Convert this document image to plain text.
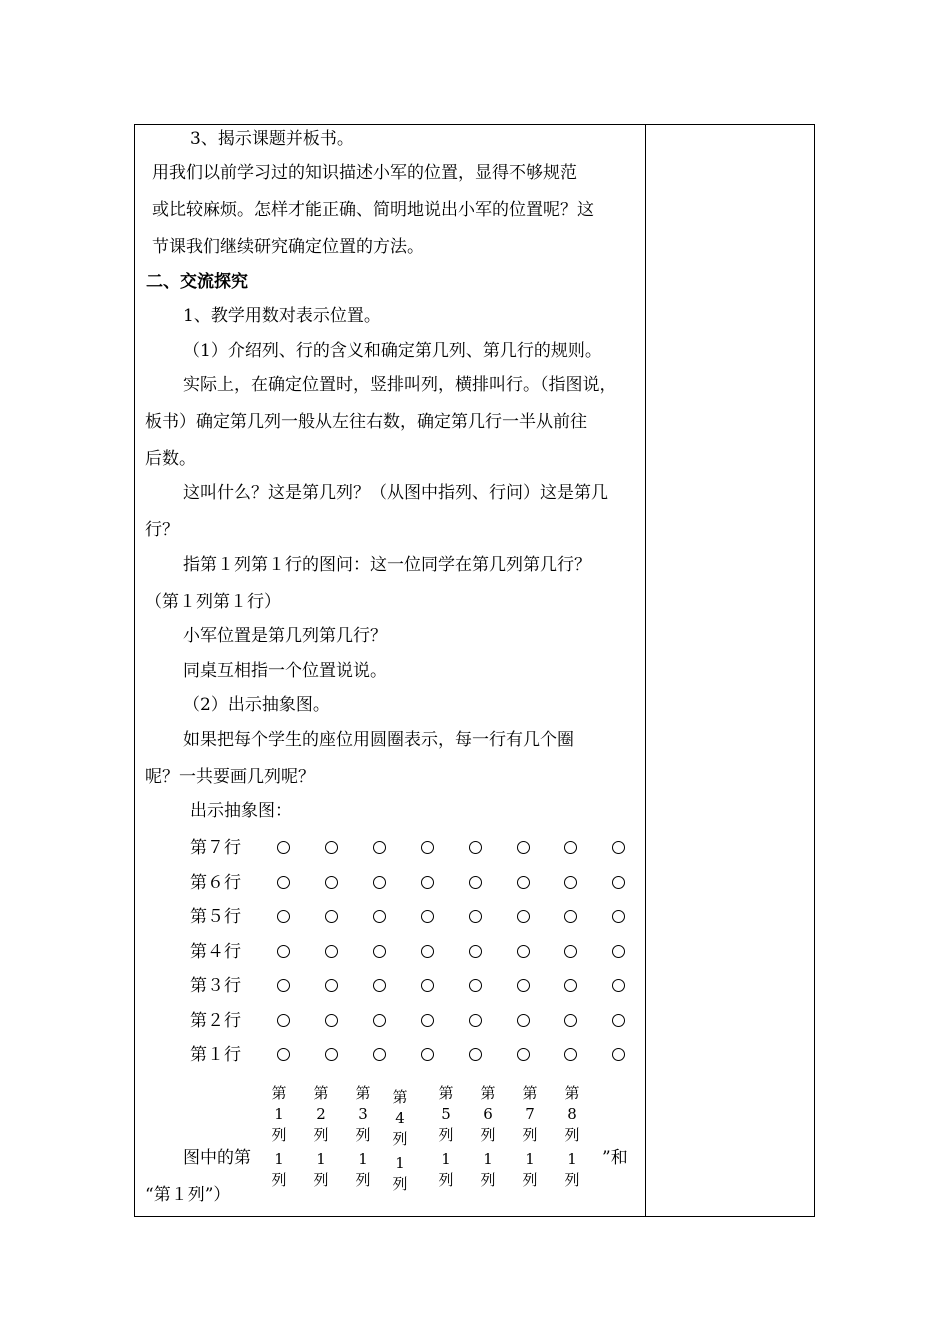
3、揭示课题并板书。
用我们以前学习过的知识描述小军的位置，显得不够规范
或比较麻烦。怎样才能正确、简明地说出小军的位置呢？这
节课我们继续研究确定位置的方法。
二、交流探究
1、教学用数对表示位置。
（1）介绍列、行的含义和确定第几列、第几行的规则。
实际上，在确定位置时，竖排叫列，横排叫行。（指图说，
板书）确定第几列一般从左往右数，确定第几行一半从前往
后数。
这叫什么？这是第几列？（从图中指列、行问）这是第几
行？
指第１列第１行的图问：这一位同学在第几列第几行？
（第１列第１行）
小军位置是第几列第几行？
同桌互相指一个位置说说。
（2）出示抽象图。
如果把每个学生的座位用圆圈表示，每一行有几个圈
呢？一共要画几列呢？
出示抽象图：
第７行
第６行
第５行
第４行
第３行
第２行
第１行
第
1
列
1
列
第
2
列
1
列
第
3
列
1
列
第
4
列
1
列
第
5
列
1
列
第
6
列
1
列
第
7
列
1
列
第
8
列
1
列
图中的第	”和
“第１列”）
